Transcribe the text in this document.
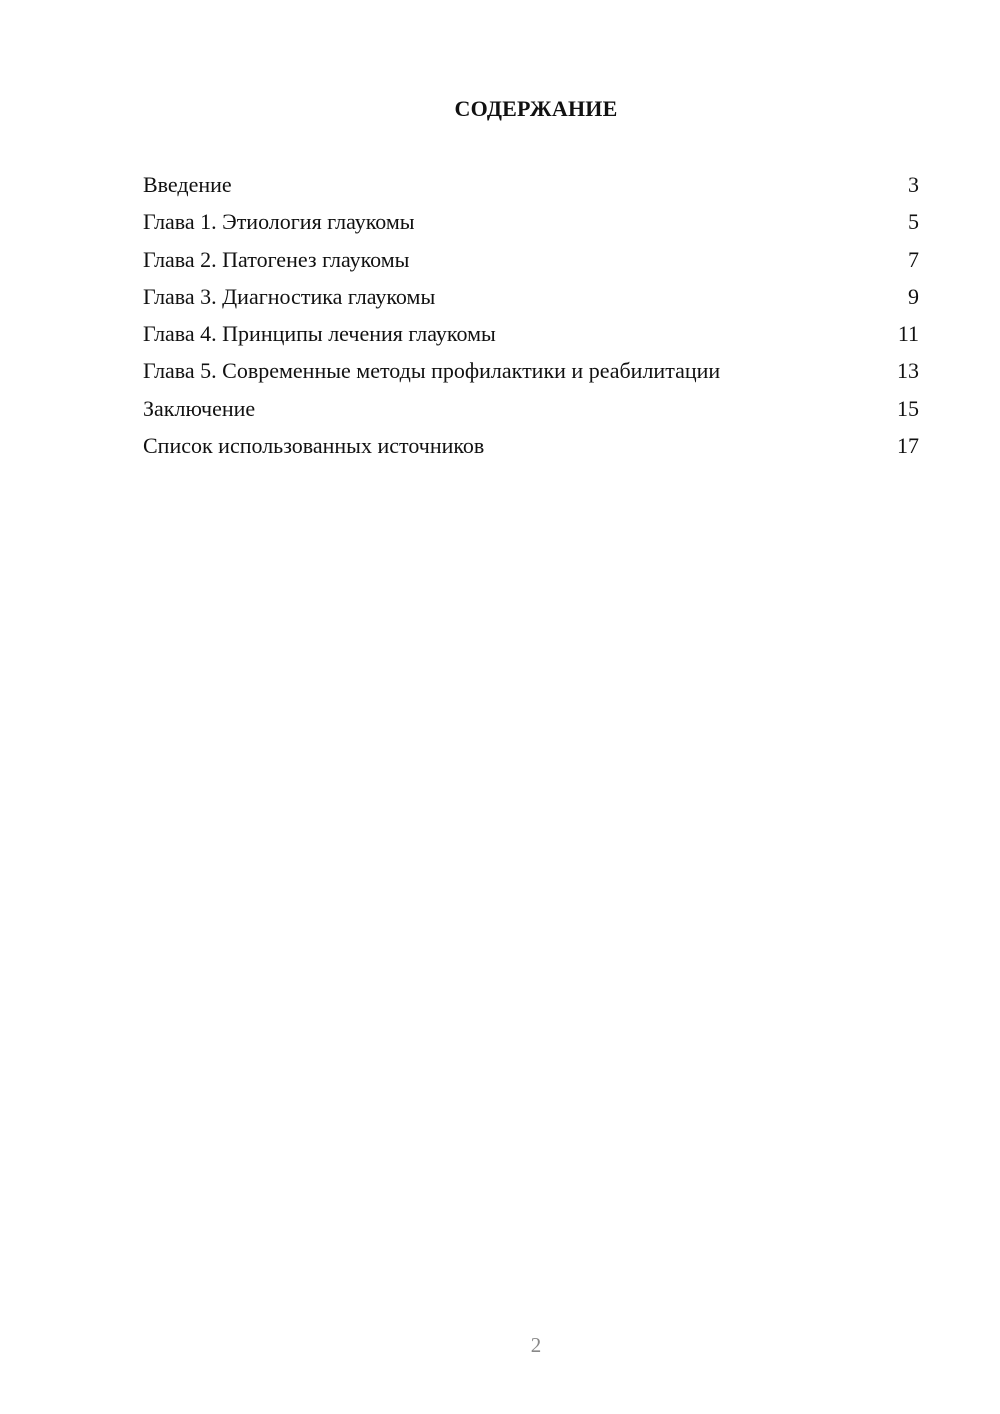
СОДЕРЖАНИЕ
Введение	3
Глава 1. Этиология глаукомы	5
Глава 2. Патогенез глаукомы	7
Глава 3. Диагностика глаукомы	9
Глава 4. Принципы лечения глаукомы	11
Глава 5. Современные методы профилактики и реабилитации	13
Заключение	15
Список использованных источников	17
2
